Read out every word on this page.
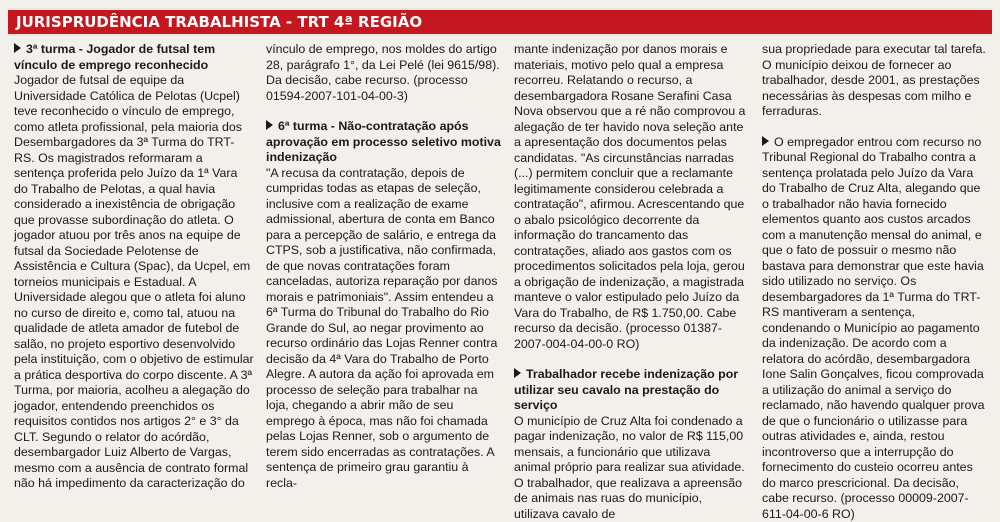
JURISPRUDÊNCIA TRABALHISTA - TRT 4ª REGIÃO

3ª turma - Jogador de futsal tem vínculo de emprego reconhecido

Jogador de futsal de equipe da Universidade Católica de Pelotas (Ucpel) teve reconhecido o vínculo de emprego, como atleta profissional, pela maioria dos Desembargadores da 3ª Turma do TRT-RS. Os magistrados reformaram a sentença proferida pelo Juízo da 1ª Vara do Trabalho de Pelotas, a qual havia considerado a inexistência de obrigação que provasse subordinação do atleta. O jogador atuou por três anos na equipe de futsal da Sociedade Pelotense de Assistência e Cultura (Spac), da Ucpel, em torneios municipais e Estadual. A Universidade alegou que o atleta foi aluno no curso de direito e, como tal, atuou na qualidade de atleta amador de futebol de salão, no projeto esportivo desenvolvido pela instituição, com o objetivo de estimular a prática desportiva do corpo discente. A 3ª Turma, por maioria, acolheu a alegação do jogador, entendendo preenchidos os requisitos contidos nos artigos 2° e 3° da CLT. Segundo o relator do acórdão, desembargador Luiz Alberto de Vargas, mesmo com a ausência de contrato formal não há impedimento da caracterização do

vínculo de emprego, nos moldes do artigo 28, parágrafo 1°, da Lei Pelé (lei 9615/98). Da decisão, cabe recurso. (processo 01594-2007-101-04-00-3)

6ª turma - Não-contratação após aprovação em processo seletivo motiva indenização

"A recusa da contratação, depois de cumpridas todas as etapas de seleção, inclusive com a realização de exame admissional, abertura de conta em Banco para a percepção de salário, e entrega da CTPS, sob a justificativa, não confirmada, de que novas contratações foram canceladas, autoriza reparação por danos morais e patrimoniais". Assim entendeu a 6ª Turma do Tribunal do Trabalho do Rio Grande do Sul, ao negar provimento ao recurso ordinário das Lojas Renner contra decisão da 4ª Vara do Trabalho de Porto Alegre. A autora da ação foi aprovada em processo de seleção para trabalhar na loja, chegando a abrir mão de seu emprego à época, mas não foi chamada pelas Lojas Renner, sob o argumento de terem sido encerradas as contratações. A sentença de primeiro grau garantiu à recla-

mante indenização por danos morais e materiais, motivo pelo qual a empresa recorreu. Relatando o recurso, a desembargadora Rosane Serafini Casa Nova observou que a ré não comprovou a alegação de ter havido nova seleção ante a apresentação dos documentos pelas candidatas. "As circunstâncias narradas (...) permitem concluir que a reclamante legitimamente considerou celebrada a contratação", afirmou. Acrescentando que o abalo psicológico decorrente da informação do trancamento das contratações, aliado aos gastos com os procedimentos solicitados pela loja, gerou a obrigação de indenização, a magistrada manteve o valor estipulado pelo Juízo da Vara do Trabalho, de R$ 1.750,00. Cabe recurso da decisão. (processo 01387-2007-004-04-00-0 RO)

Trabalhador recebe indenização por utilizar seu cavalo na prestação do serviço

O município de Cruz Alta foi condenado a pagar indenização, no valor de R$ 115,00 mensais, a funcionário que utilizava animal próprio para realizar sua atividade. O trabalhador, que realizava a apreensão de animais nas ruas do município, utilizava cavalo de

sua propriedade para executar tal tarefa. O município deixou de fornecer ao trabalhador, desde 2001, as prestações necessárias às despesas com milho e ferraduras.

O empregador entrou com recurso no Tribunal Regional do Trabalho contra a sentença prolatada pelo Juízo da Vara do Trabalho de Cruz Alta, alegando que o trabalhador não havia fornecido elementos quanto aos custos arcados com a manutenção mensal do animal, e que o fato de possuir o mesmo não bastava para demonstrar que este havia sido utilizado no serviço. Os desembargadores da 1ª Turma do TRT-RS mantiveram a sentença, condenando o Município ao pagamento da indenização. De acordo com a relatora do acórdão, desembargadora Ione Salin Gonçalves, ficou comprovada a utilização do animal a serviço do reclamado, não havendo qualquer prova de que o funcionário o utilizasse para outras atividades e, ainda, restou incontroverso que a interrupção do fornecimento do custeio ocorreu antes do marco prescricional. Da decisão, cabe recurso. (processo 00009-2007-611-04-00-6 RO)
